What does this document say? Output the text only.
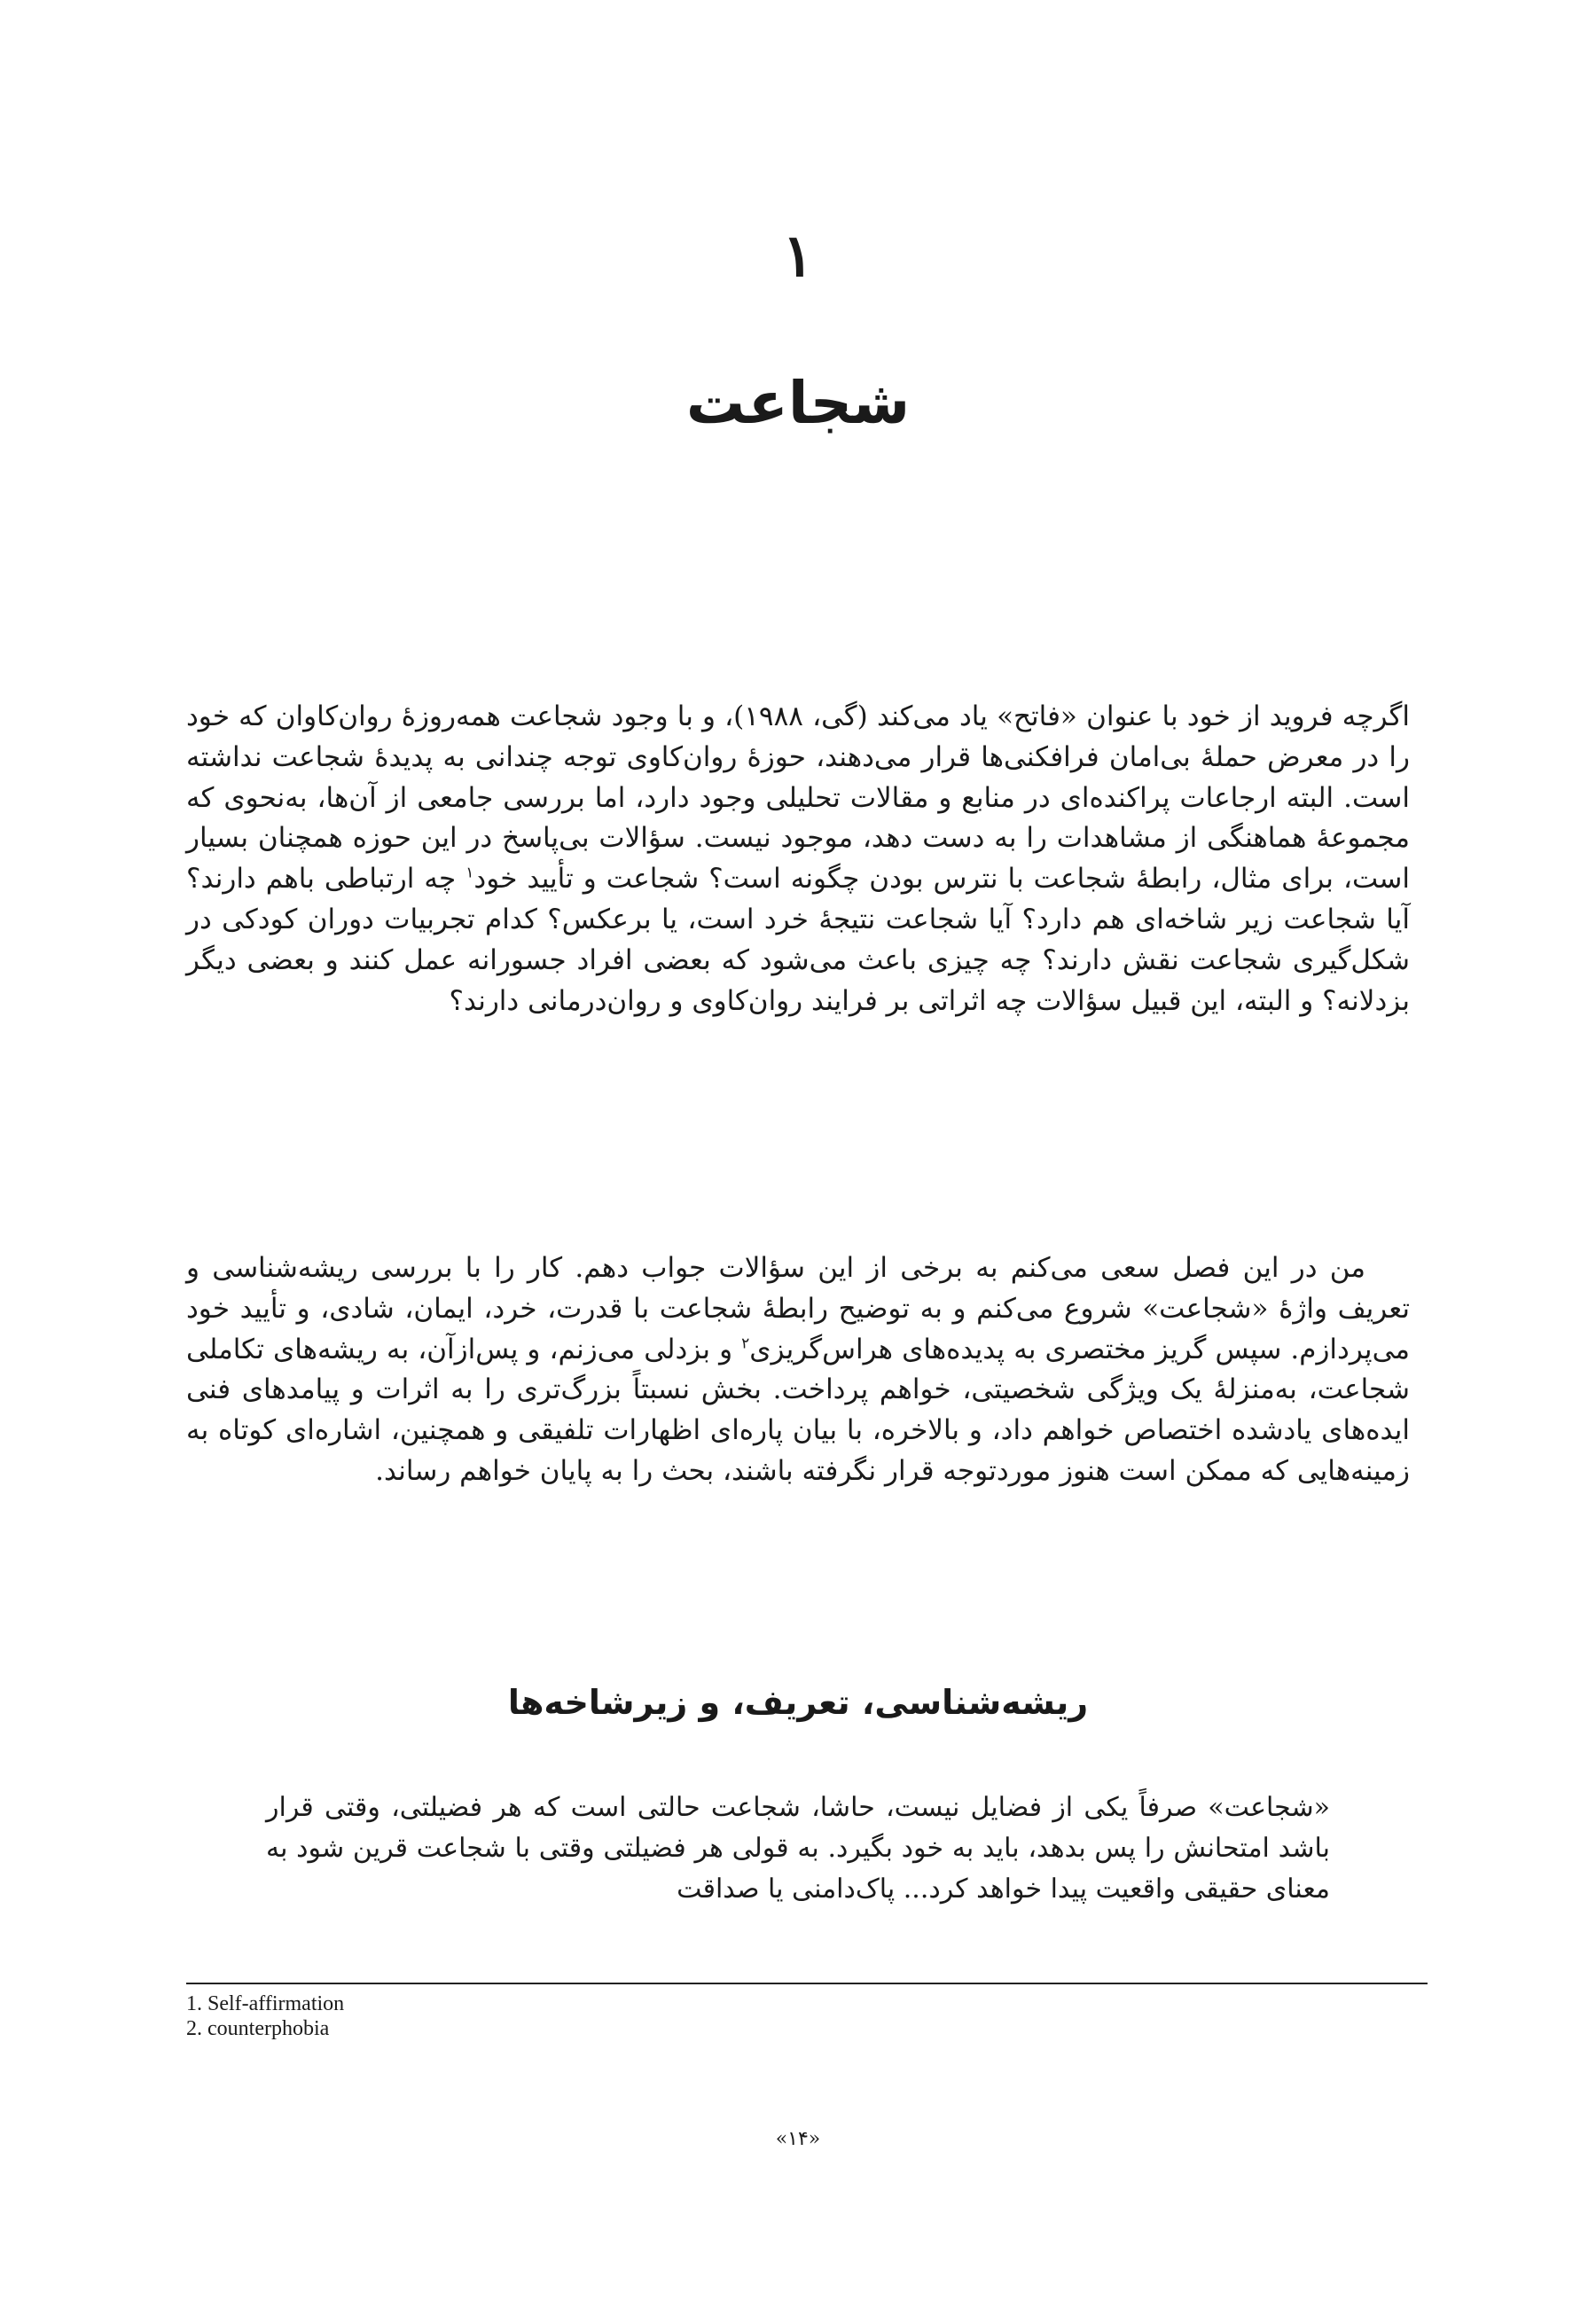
۱
شجاعت

اگرچه فروید از خود با عنوان «فاتح» یاد می‌کند (گی، ۱۹۸۸)، و با وجود شجاعت همه‌روزهٔ روان‌کاوان که خود را در معرض حملهٔ بی‌امان فرافکنی‌ها قرار می‌دهند، حوزهٔ روان‌کاوی توجه چندانی به پدیدهٔ شجاعت نداشته است. البته ارجاعات پراکنده‌ای در منابع و مقالات تحلیلی وجود دارد، اما بررسی جامعی از آن‌ها، به‌نحوی که مجموعهٔ هماهنگی از مشاهدات را به دست دهد، موجود نیست. سؤالات بی‌پاسخ در این حوزه همچنان بسیار است، برای مثال، رابطهٔ شجاعت با نترس بودن چگونه است؟ شجاعت و تأیید خود$^۱$ چه ارتباطی باهم دارند؟ آیا شجاعت زیر شاخه‌ای هم دارد؟ آیا شجاعت نتیجهٔ خرد است، یا برعکس؟ کدام تجربیات دوران کودکی در شکل‌گیری شجاعت نقش دارند؟ چه چیزی باعث می‌شود که بعضی افراد جسورانه عمل کنند و بعضی دیگر بزدلانه؟ و البته، این قبیل سؤالات چه اثراتی بر فرایند روان‌کاوی و روان‌درمانی دارند؟

من در این فصل سعی می‌کنم به برخی از این سؤالات جواب دهم. کار را با بررسی ریشه‌شناسی و تعریف واژهٔ «شجاعت» شروع می‌کنم و به توضیح رابطهٔ شجاعت با قدرت، خرد، ایمان، شادی، و تأیید خود می‌پردازم. سپس گریز مختصری به پدیده‌های هراس‌گریزی$^۲$ و بزدلی می‌زنم، و پس‌ازآن، به ریشه‌های تکاملی شجاعت، به‌منزلهٔ یک ویژگی شخصیتی، خواهم پرداخت. بخش نسبتاً بزرگ‌تری را به اثرات و پیامدهای فنی ایده‌های یادشده اختصاص خواهم داد، و بالاخره، با بیان پاره‌ای اظهارات تلفیقی و همچنین، اشاره‌ای کوتاه به زمینه‌هایی که ممکن است هنوز موردتوجه قرار نگرفته باشند، بحث را به پایان خواهم رساند.

ریشه‌شناسی، تعریف، و زیرشاخه‌ها

«شجاعت» صرفاً یکی از فضایل نیست، حاشا، شجاعت حالتی است که هر فضیلتی، وقتی قرار باشد امتحانش را پس بدهد، باید به خود بگیرد. به قولی هر فضیلتی وقتی با شجاعت قرین شود به معنای حقیقی واقعیت پیدا خواهد کرد... پاک‌دامنی یا صداقت

1. Self-affirmation
2. counterphobia
«۱۴»
